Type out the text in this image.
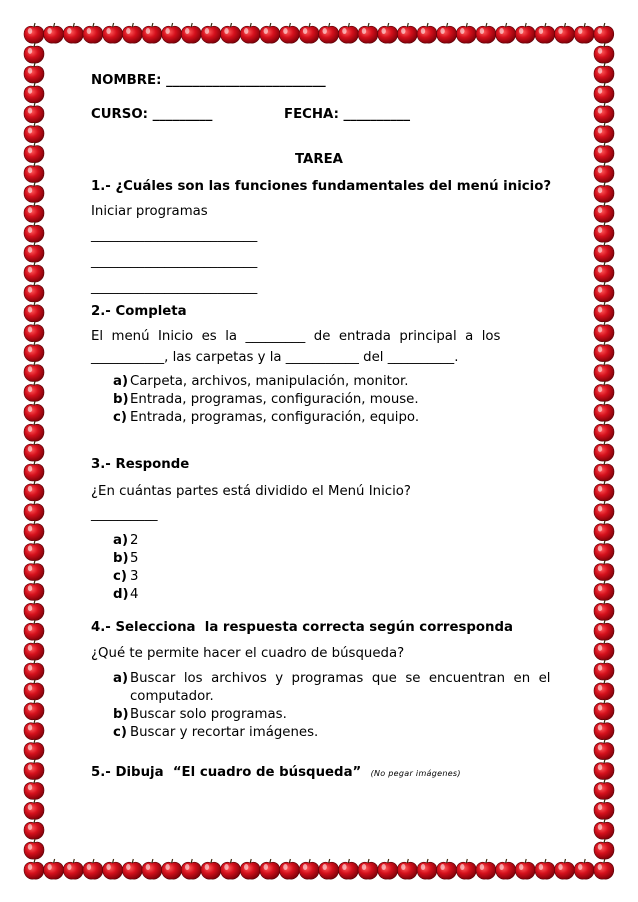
NOMBRE: ________________________
CURSO: _________	FECHA: __________
TAREA
1.- ¿Cuáles son las funciones fundamentales del menú inicio?
Iniciar programas
_________________________
_________________________
_________________________
2.- Completa
El  menú  Inicio  es  la  _________  de  entrada  principal  a  los
___________, las carpetas y la ___________ del __________.
a) Carpeta, archivos, manipulación, monitor.
b)Entrada, programas, configuración, mouse.
c) Entrada, programas, configuración, equipo.
3.- Responde
¿En cuántas partes está dividido el Menú Inicio?
__________
a) 2
b)5
c) 3
d)4
4.- Selecciona  la respuesta correcta según corresponda
¿Qué te permite hacer el cuadro de búsqueda?
a) Buscar  los  archivos  y  programas  que  se  encuentran  en  el
computador.
b)Buscar solo programas.
c) Buscar y recortar imágenes.
5.- Dibuja  “El cuadro de búsqueda” (No pegar imágenes)
